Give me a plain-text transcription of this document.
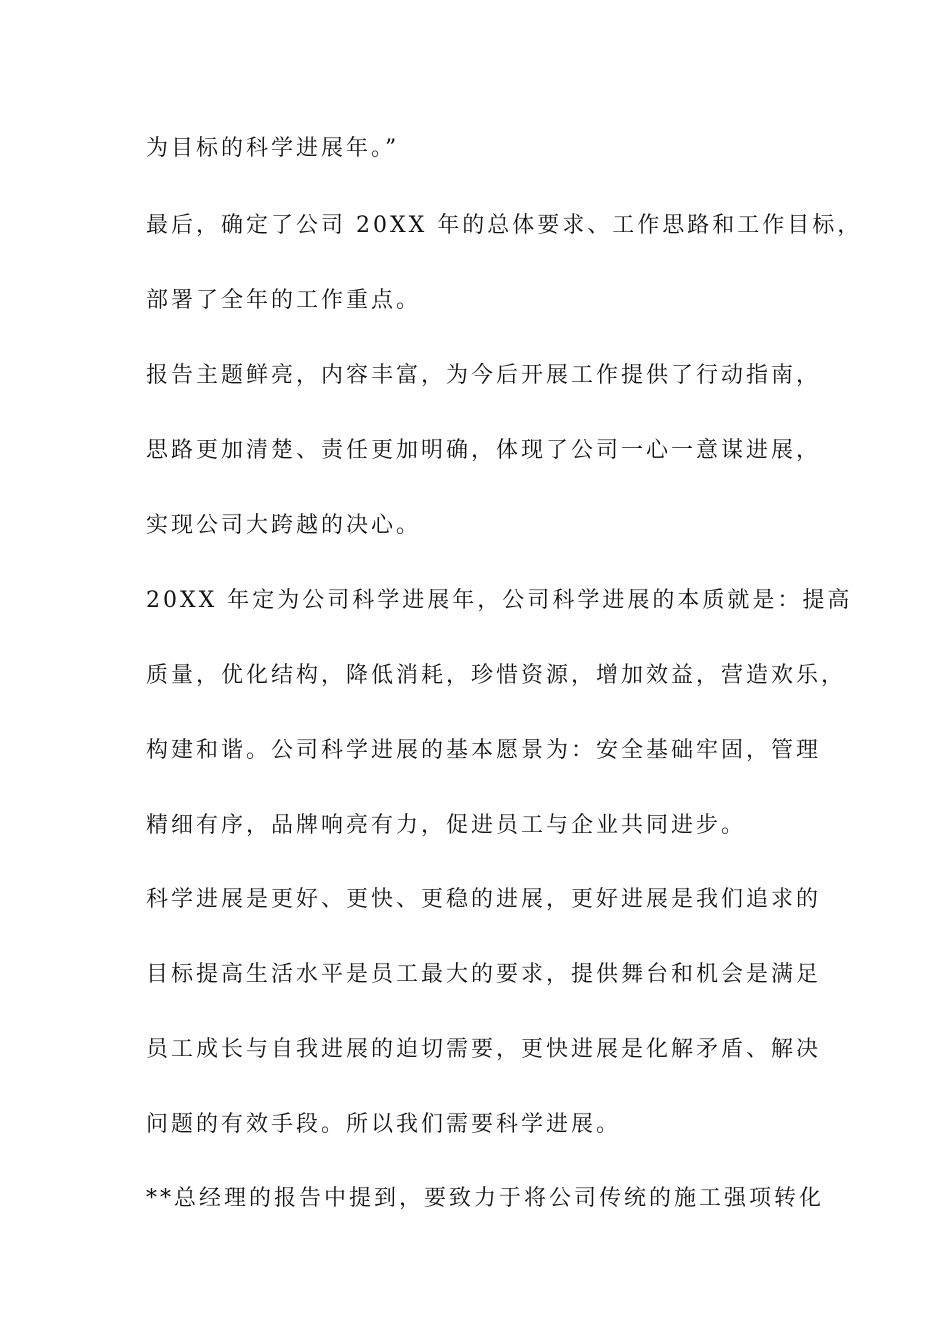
为目标的科学进展年。”
最后，确定了公司 20XX 年的总体要求、工作思路和工作目标，
部署了全年的工作重点。
报告主题鲜亮，内容丰富，为今后开展工作提供了行动指南，
思路更加清楚、责任更加明确，体现了公司一心一意谋进展，
实现公司大跨越的决心。
20XX 年定为公司科学进展年，公司科学进展的本质就是：提高
质量，优化结构，降低消耗，珍惜资源，增加效益，营造欢乐，
构建和谐。公司科学进展的基本愿景为：安全基础牢固，管理
精细有序，品牌响亮有力，促进员工与企业共同进步。
科学进展是更好、更快、更稳的进展，更好进展是我们追求的
目标提高生活水平是员工最大的要求，提供舞台和机会是满足
员工成长与自我进展的迫切需要，更快进展是化解矛盾、解决
问题的有效手段。所以我们需要科学进展。
**总经理的报告中提到，要致力于将公司传统的施工强项转化
